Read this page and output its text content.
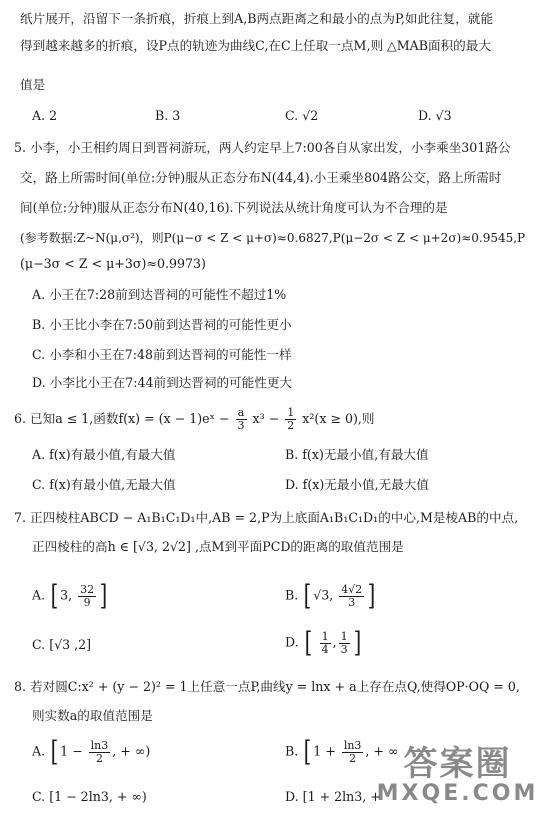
纸片展开，沿留下一条折痕，折痕上到A,B两点距离之和最小的点为P,如此往复，就能
得到越来越多的折痕，设P点的轨迹为曲线C,在C上任取一点M,则 △MAB面积的最大
值是
A. 2	B. 3	C. √2	D. √3
5. 小李，小王相约周日到晋祠游玩，两人约定早上7:00各自从家出发，小李乘坐301路公
交，路上所需时间(单位:分钟)服从正态分布N(44,4).小王乘坐804路公交，路上所需时
间(单位:分钟)服从正态分布N(40,16).下列说法从统计角度可认为不合理的是
(参考数据:Z~N(μ,σ²)，则P(μ−σ < Z < μ+σ)≈0.6827,P(μ−2σ < Z < μ+2σ)≈0.9545,P
(μ−3σ < Z < μ+3σ)≈0.9973)
A. 小王在7:28前到达晋祠的可能性不超过1%
B. 小王比小李在7:50前到达晋祠的可能性更小
C. 小李和小王在7:48前到达晋祠的可能性一样
D. 小李比小王在7:44前到达晋祠的可能性更大
6. 已知a ≤ 1,函数f(x) = (x − 1)eˣ − $\frac{a}{3} x^3 - \frac{1}{2} x^2(x \ge 0)$,则
A. f(x)有最小值,有最大值	B. f(x)无最小值,有最大值
C. f(x)有最小值,无最大值	D. f(x)无最小值,无最大值
7. 正四棱柱ABCD − A₁B₁C₁D₁中,AB = 2,P为上底面A₁B₁C₁D₁的中心,M是棱AB的中点,
正四棱柱的高h ∈ [√3, 2√2] ,点M到平面PCD的距离的取值范围是
A. [ 3, $\frac{32}{9}$ ]	B. [ √3, $\frac{4√2}{3}$ ]
C. [√3 ,2]	D. [ $\frac{1}{4}$ , $\frac{1}{3}$ ]
8. 若对圆C:x² + (y − 2)² = 1上任意一点P,曲线y = lnx + a上存在点Q,使得OP·OQ = 0,
则实数a的取值范围是
A. [ $1 - \frac{\ln 3}{2}$ , + ∞)	B. [ $1 + \frac{\ln 3}{2}$ , + ∞
C. [1 − 2ln3, + ∞)	D. [1 + 2ln3, +
答案圈
MXQE.COM
